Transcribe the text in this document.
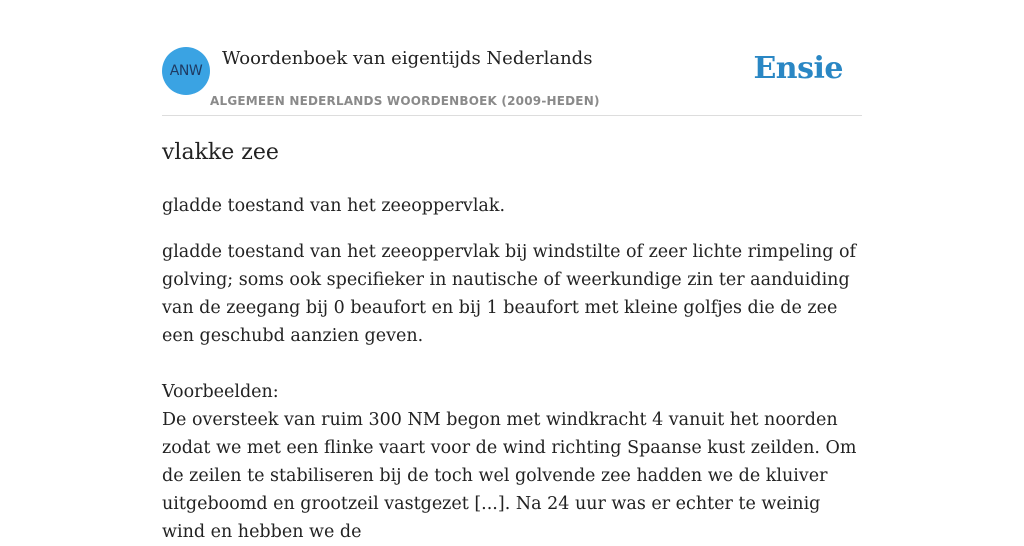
ANW
Woordenboek van eigentijds Nederlands
ALGEMEEN NEDERLANDS WOORDENBOEK (2009-HEDEN)
Ensie
vlakke zee

gladde toestand van het zeeoppervlak.

gladde toestand van het zeeoppervlak bij windstilte of zeer lichte rimpeling of golving; soms ook specifieker in nautische of weerkundige zin ter aanduiding van de zeegang bij 0 beaufort en bij 1 beaufort met kleine golfjes die de zee een geschubd aanzien geven.

Voorbeelden:

De oversteek van ruim 300 NM begon met windkracht 4 vanuit het noorden zodat we met een flinke vaart voor de wind richting Spaanse kust zeilden. Om de zeilen te stabiliseren bij de toch wel golvende zee hadden we de kluiver uitgeboomd en grootzeil vastgezet [...]. Na 24 uur was er echter te weinig wind en hebben we de
